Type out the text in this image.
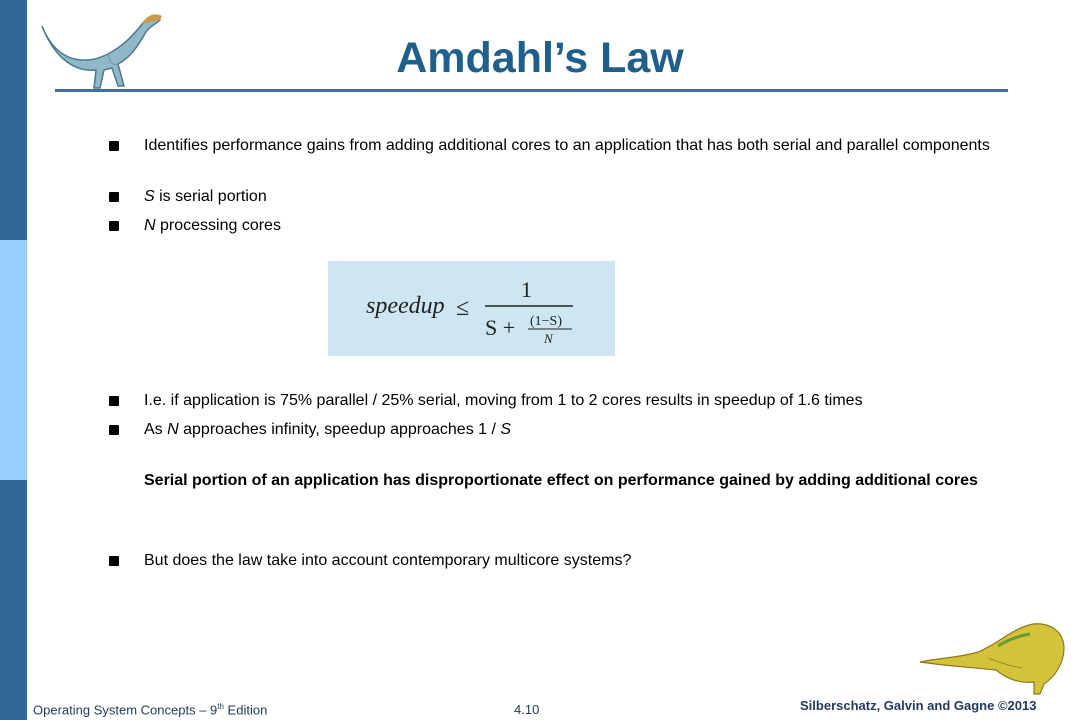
Amdahl’s Law
Identifies performance gains from adding additional cores to an application that has both serial and parallel components
S is serial portion
N processing cores
speedup ≤
1
S + (1−S)
N
I.e. if application is 75% parallel / 25% serial, moving from 1 to 2 cores results in speedup of 1.6 times
As N approaches infinity, speedup approaches 1 / S
Serial portion of an application has disproportionate effect on performance gained by adding additional cores
But does the law take into account contemporary multicore systems?
Operating System Concepts – 9th Edition	4.10	Silberschatz, Galvin and Gagne ©2013
